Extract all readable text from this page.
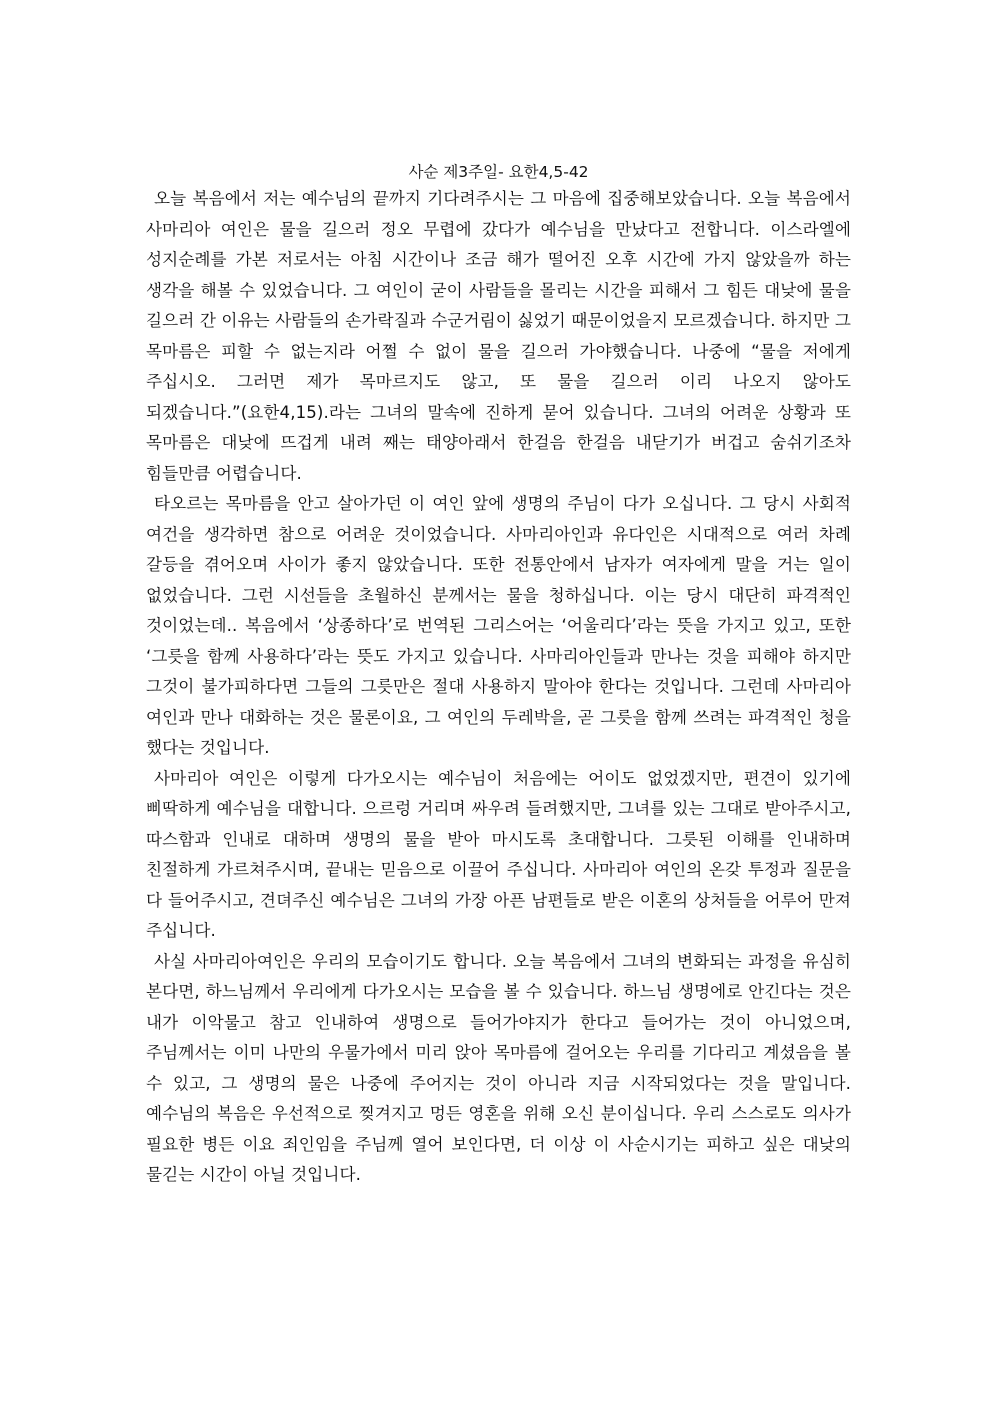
사순 제3주일- 요한4,5-42

오늘 복음에서 저는 예수님의 끝까지 기다려주시는 그 마음에 집중해보았습니다. 오늘 복음에서 사마리아 여인은 물을 길으러 정오 무렵에 갔다가 예수님을 만났다고 전합니다. 이스라엘에 성지순례를 가본 저로서는 아침 시간이나 조금 해가 떨어진 오후 시간에 가지 않았을까 하는 생각을 해볼 수 있었습니다. 그 여인이 굳이 사람들을 몰리는 시간을 피해서 그 힘든 대낮에 물을 길으러 간 이유는 사람들의 손가락질과 수군거림이 싫었기 때문이었을지 모르겠습니다. 하지만 그 목마름은 피할 수 없는지라 어쩔 수 없이 물을 길으러 가야했습니다. 나중에 “물을 저에게 주십시오. 그러면 제가 목마르지도 않고, 또 물을 길으러 이리 나오지 않아도 되겠습니다.”(요한4,15).라는 그녀의 말속에 진하게 묻어 있습니다. 그녀의 어려운 상황과 또 목마름은 대낮에 뜨겁게 내려 째는 태양아래서 한걸음 한걸음 내닫기가 버겁고 숨쉬기조차 힘들만큼 어렵습니다.

타오르는 목마름을 안고 살아가던 이 여인 앞에 생명의 주님이 다가 오십니다. 그 당시 사회적 여건을 생각하면 참으로 어려운 것이었습니다. 사마리아인과 유다인은 시대적으로 여러 차례 갈등을 겪어오며 사이가 좋지 않았습니다. 또한 전통안에서 남자가 여자에게 말을 거는 일이 없었습니다. 그런 시선들을 초월하신 분께서는 물을 청하십니다. 이는 당시 대단히 파격적인 것이었는데.. 복음에서 ‘상종하다’로 번역된 그리스어는 ‘어울리다’라는 뜻을 가지고 있고, 또한 ‘그릇을 함께 사용하다’라는 뜻도 가지고 있습니다. 사마리아인들과 만나는 것을 피해야 하지만 그것이 불가피하다면 그들의 그릇만은 절대 사용하지 말아야 한다는 것입니다. 그런데 사마리아 여인과 만나 대화하는 것은 물론이요, 그 여인의 두레박을, 곧 그릇을 함께 쓰려는 파격적인 청을 했다는 것입니다.

사마리아 여인은 이렇게 다가오시는 예수님이 처음에는 어이도 없었겠지만, 편견이 있기에 삐딱하게 예수님을 대합니다. 으르렁 거리며 싸우려 들려했지만, 그녀를 있는 그대로 받아주시고, 따스함과 인내로 대하며 생명의 물을 받아 마시도록 초대합니다. 그릇된 이해를 인내하며 친절하게 가르쳐주시며, 끝내는 믿음으로 이끌어 주십니다. 사마리아 여인의 온갖 투정과 질문을 다 들어주시고, 견뎌주신 예수님은 그녀의 가장 아픈 남편들로 받은 이혼의 상처들을 어루어 만져 주십니다.

사실 사마리아여인은 우리의 모습이기도 합니다. 오늘 복음에서 그녀의 변화되는 과정을 유심히 본다면, 하느님께서 우리에게 다가오시는 모습을 볼 수 있습니다. 하느님 생명에로 안긴다는 것은 내가 이악물고 참고 인내하여 생명으로 들어가야지가 한다고 들어가는 것이 아니었으며, 주님께서는 이미 나만의 우물가에서 미리 앉아 목마름에 걸어오는 우리를 기다리고 계셨음을 볼 수 있고, 그 생명의 물은 나중에 주어지는 것이 아니라 지금 시작되었다는 것을 말입니다. 예수님의 복음은 우선적으로 찢겨지고 멍든 영혼을 위해 오신 분이십니다. 우리 스스로도 의사가 필요한 병든 이요 죄인임을 주님께 열어 보인다면, 더 이상 이 사순시기는 피하고 싶은 대낮의 물긷는 시간이 아닐 것입니다.
